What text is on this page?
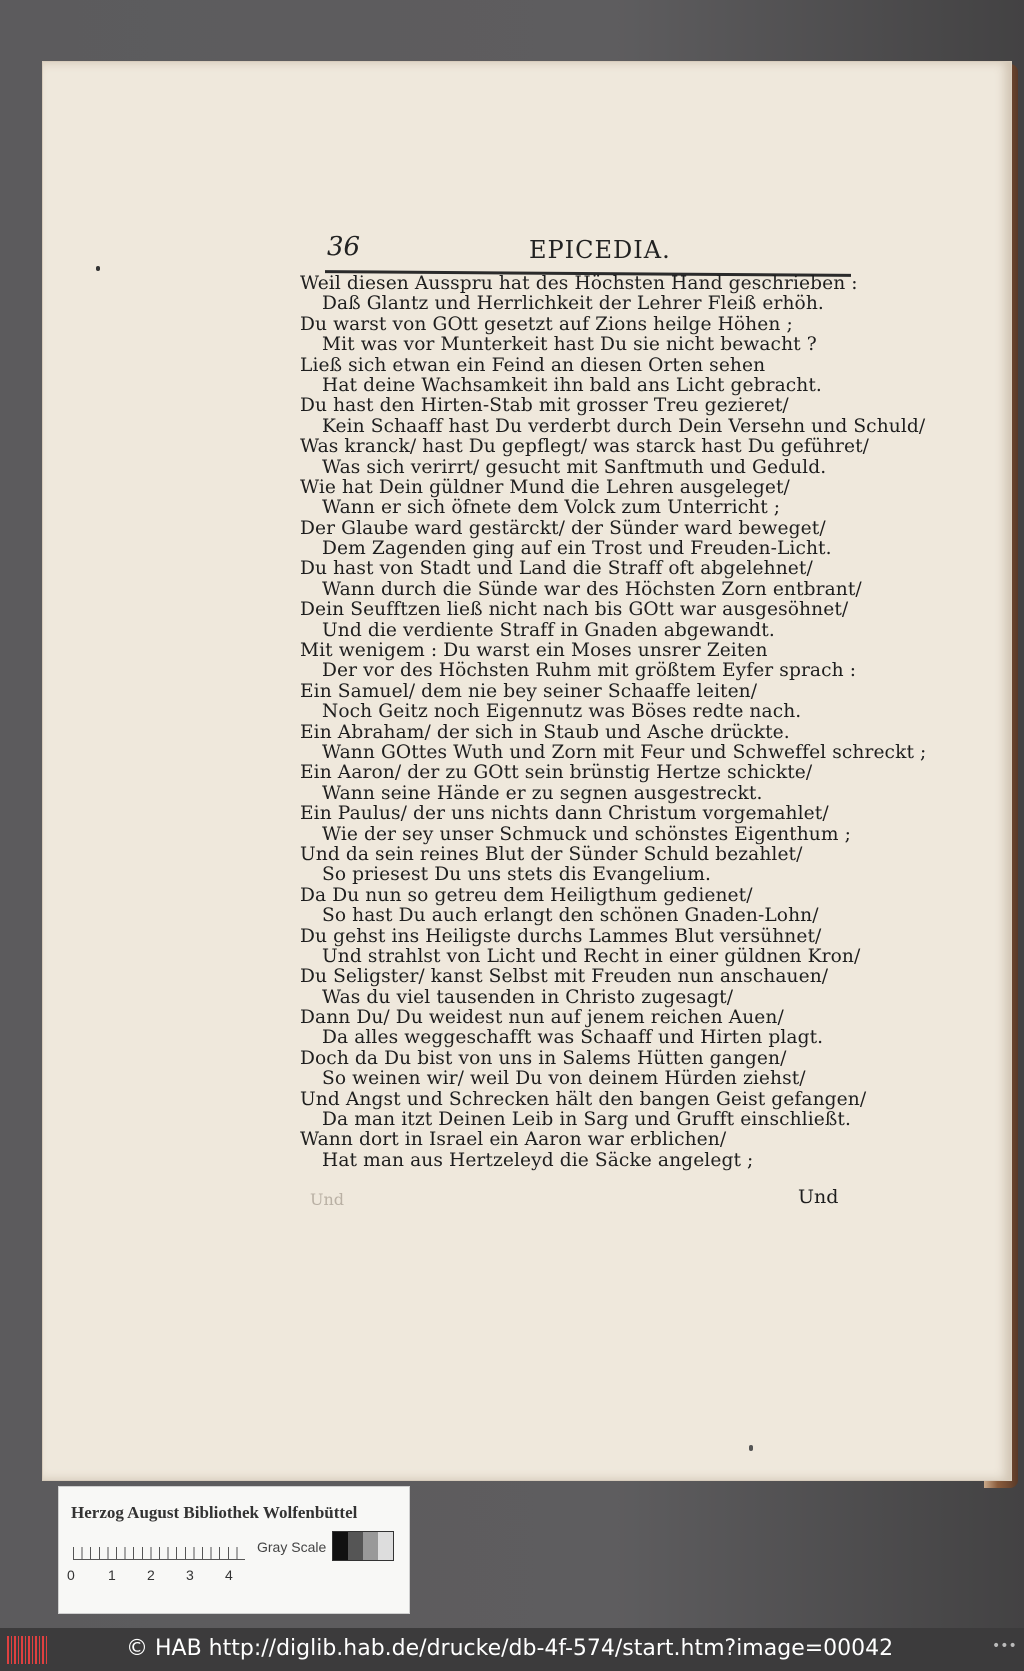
36	EPICEDIA.
Weil diesen Ausspru hat des Höchsten Hand geschrieben :
Daß Glantz und Herrlichkeit der Lehrer Fleiß erhöh.
Du warst von GOtt gesetzt auf Zions heilge Höhen ;
Mit was vor Munterkeit hast Du sie nicht bewacht ?
Ließ sich etwan ein Feind an diesen Orten sehen
Hat deine Wachsamkeit ihn bald ans Licht gebracht.
Du hast den Hirten-Stab mit grosser Treu gezieret/
Kein Schaaff hast Du verderbt durch Dein Versehn und Schuld/
Was kranck/ hast Du gepflegt/ was starck hast Du geführet/
Was sich verirrt/ gesucht mit Sanftmuth und Geduld.
Wie hat Dein güldner Mund die Lehren ausgeleget/
Wann er sich öfnete dem Volck zum Unterricht ;
Der Glaube ward gestärckt/ der Sünder ward beweget/
Dem Zagenden ging auf ein Trost und Freuden-Licht.
Du hast von Stadt und Land die Straff oft abgelehnet/
Wann durch die Sünde war des Höchsten Zorn entbrant/
Dein Seufftzen ließ nicht nach bis GOtt war ausgesöhnet/
Und die verdiente Straff in Gnaden abgewandt.
Mit wenigem : Du warst ein Moses unsrer Zeiten
Der vor des Höchsten Ruhm mit größtem Eyfer sprach :
Ein Samuel/ dem nie bey seiner Schaaffe leiten/
Noch Geitz noch Eigennutz was Böses redte nach.
Ein Abraham/ der sich in Staub und Asche drückte.
Wann GOttes Wuth und Zorn mit Feur und Schweffel schreckt ;
Ein Aaron/ der zu GOtt sein brünstig Hertze schickte/
Wann seine Hände er zu segnen ausgestreckt.
Ein Paulus/ der uns nichts dann Christum vorgemahlet/
Wie der sey unser Schmuck und schönstes Eigenthum ;
Und da sein reines Blut der Sünder Schuld bezahlet/
So priesest Du uns stets dis Evangelium.
Da Du nun so getreu dem Heiligthum gedienet/
So hast Du auch erlangt den schönen Gnaden-Lohn/
Du gehst ins Heiligste durchs Lammes Blut versühnet/
Und strahlst von Licht und Recht in einer güldnen Kron/
Du Seligster/ kanst Selbst mit Freuden nun anschauen/
Was du viel tausenden in Christo zugesagt/
Dann Du/ Du weidest nun auf jenem reichen Auen/
Da alles weggeschafft was Schaaff und Hirten plagt.
Doch da Du bist von uns in Salems Hütten gangen/
So weinen wir/ weil Du von deinem Hürden ziehst/
Und Angst und Schrecken hält den bangen Geist gefangen/
Da man itzt Deinen Leib in Sarg und Grufft einschließt.
Wann dort in Israel ein Aaron war erblichen/
Hat man aus Hertzeleyd die Säcke angelegt ;
Und	Und
Herzog August Bibliothek Wolfenbüttel
0 1 2 3 4
Gray Scale
© HAB http://diglib.hab.de/drucke/db-4f-574/start.htm?image=00042	•••
